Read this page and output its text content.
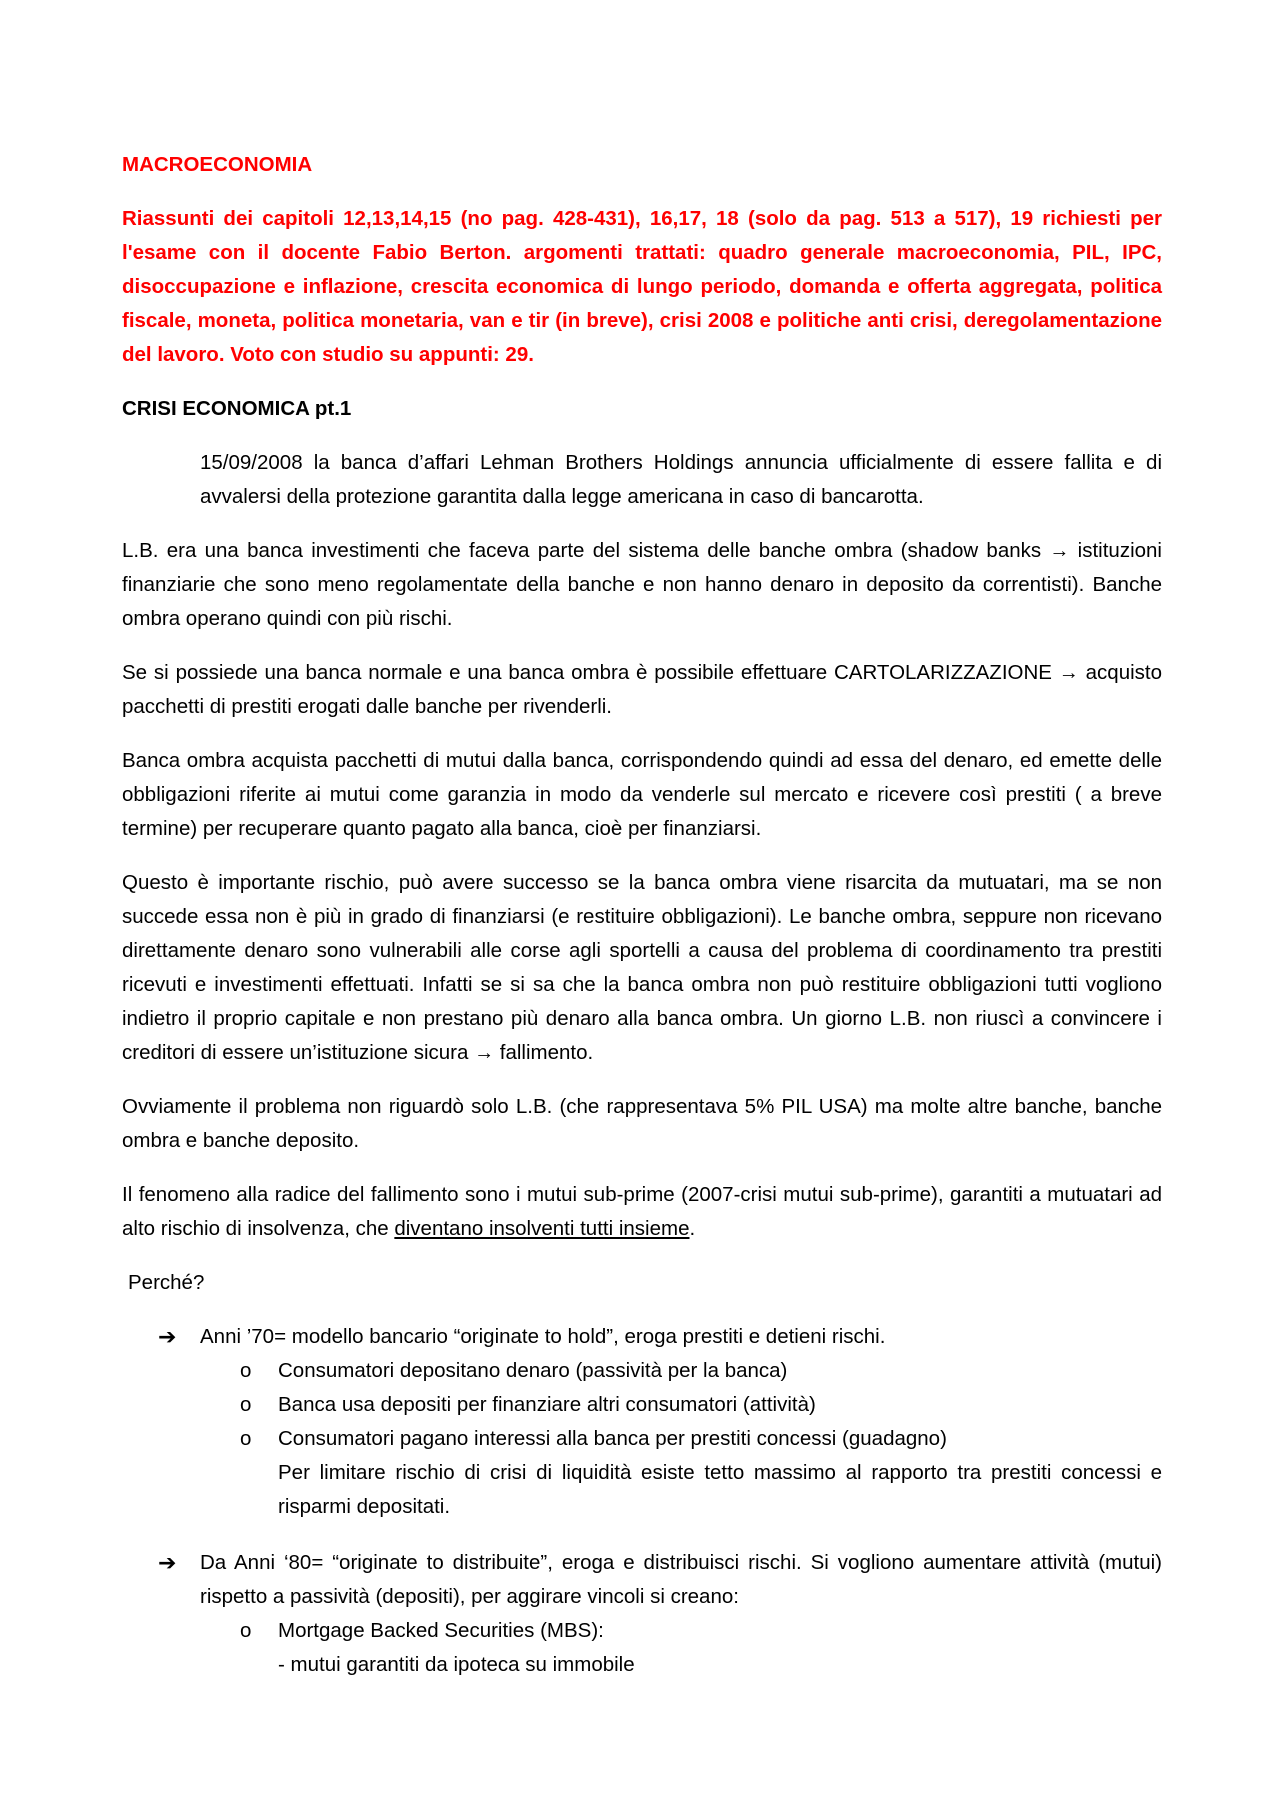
MACROECONOMIA

Riassunti dei capitoli 12,13,14,15 (no pag. 428-431), 16,17, 18 (solo da pag. 513 a 517), 19 richiesti per l'esame con il docente Fabio Berton. argomenti trattati: quadro generale macroeconomia, PIL, IPC, disoccupazione e inflazione, crescita economica di lungo periodo, domanda e offerta aggregata, politica fiscale, moneta, politica monetaria, van e tir (in breve), crisi 2008 e politiche anti crisi, deregolamentazione del lavoro. Voto con studio su appunti: 29.

CRISI ECONOMICA pt.1

15/09/2008 la banca d’affari Lehman Brothers Holdings annuncia ufficialmente di essere fallita e di avvalersi della protezione garantita dalla legge americana in caso di bancarotta.

L.B. era una banca investimenti che faceva parte del sistema delle banche ombra (shadow banks → istituzioni finanziarie che sono meno regolamentate della banche e non hanno denaro in deposito da correntisti). Banche ombra operano quindi con più rischi.

Se si possiede una banca normale e una banca ombra è possibile effettuare CARTOLARIZZAZIONE → acquisto pacchetti di prestiti erogati dalle banche per rivenderli.

Banca ombra acquista pacchetti di mutui dalla banca, corrispondendo quindi ad essa del denaro, ed emette delle obbligazioni riferite ai mutui come garanzia in modo da venderle sul mercato e ricevere così prestiti ( a breve termine) per recuperare quanto pagato alla banca, cioè per finanziarsi.

Questo è importante rischio, può avere successo se la banca ombra viene risarcita da mutuatari, ma se non succede essa non è più in grado di finanziarsi (e restituire obbligazioni). Le banche ombra, seppure non ricevano direttamente denaro sono vulnerabili alle corse agli sportelli a causa del problema di coordinamento tra prestiti ricevuti e investimenti effettuati. Infatti se si sa che la banca ombra non può restituire obbligazioni tutti vogliono indietro il proprio capitale e non prestano più denaro alla banca ombra. Un giorno L.B. non riuscì a convincere i creditori di essere un’istituzione sicura → fallimento.

Ovviamente il problema non riguardò solo L.B. (che rappresentava 5% PIL USA) ma molte altre banche, banche ombra e banche deposito.

Il fenomeno alla radice del fallimento sono i mutui sub-prime (2007-crisi mutui sub-prime), garantiti a mutuatari ad alto rischio di insolvenza, che diventano insolventi tutti insieme.

Perché?

➔	Anni ’70= modello bancario “originate to hold”, eroga prestiti e detieni rischi.

o Consumatori depositano denaro (passività per la banca)

o Banca usa depositi per finanziare altri consumatori (attività)

o Consumatori pagano interessi alla banca per prestiti concessi (guadagno)

Per limitare rischio di crisi di liquidità esiste tetto massimo al rapporto tra prestiti concessi e risparmi depositati.

➔	Da Anni ‘80= “originate to distribuite”, eroga e distribuisci rischi. Si vogliono aumentare attività (mutui) rispetto a passività (depositi), per aggirare vincoli si creano:

o Mortgage Backed Securities (MBS):

- mutui garantiti da ipoteca su immobile
